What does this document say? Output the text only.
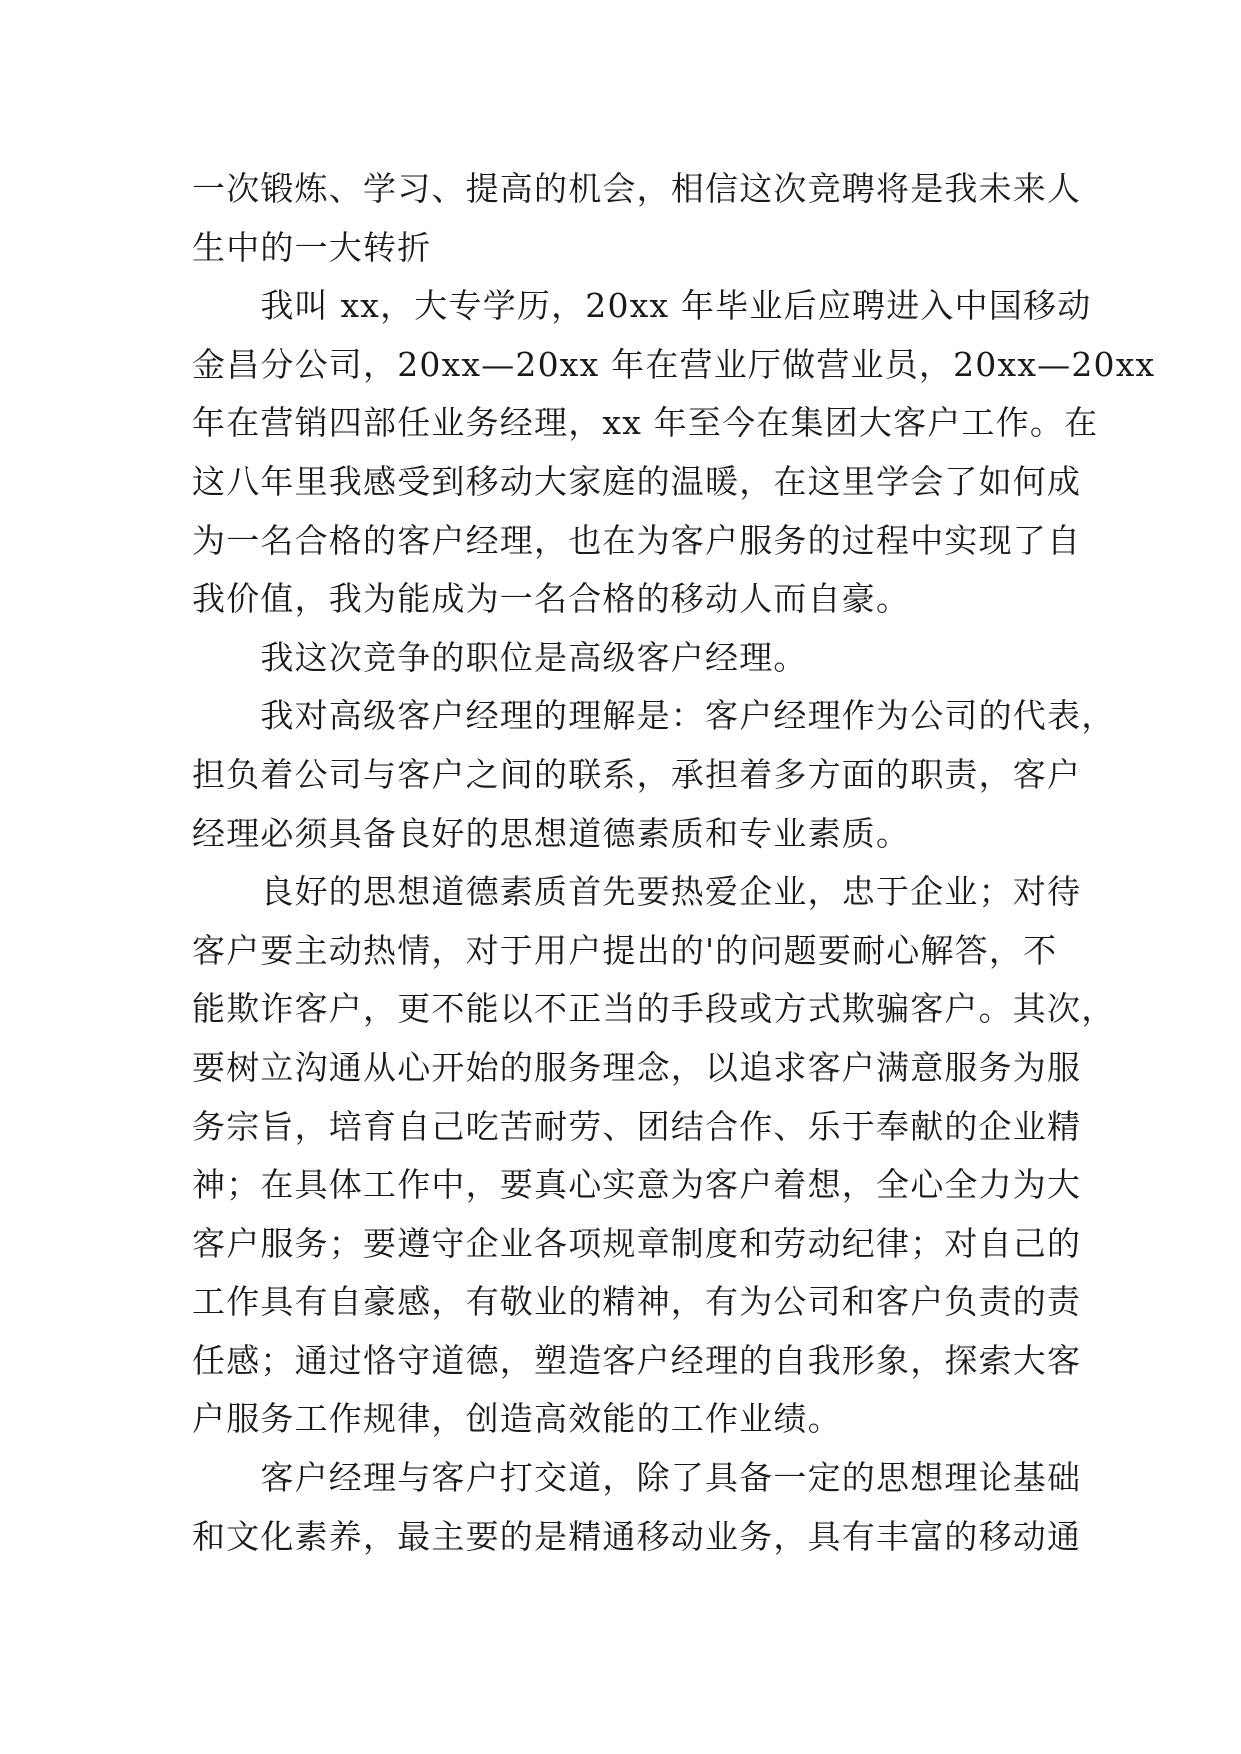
一次锻炼、学习、提高的机会，相信这次竞聘将是我未来人
生中的一大转折
　　我叫 xx，大专学历，20xx 年毕业后应聘进入中国移动
金昌分公司，20xx—20xx 年在营业厅做营业员，20xx—20xx
年在营销四部任业务经理，xx 年至今在集团大客户工作。在
这八年里我感受到移动大家庭的温暖，在这里学会了如何成
为一名合格的客户经理，也在为客户服务的过程中实现了自
我价值，我为能成为一名合格的移动人而自豪。
　　我这次竞争的职位是高级客户经理。
　　我对高级客户经理的理解是：客户经理作为公司的代表，
担负着公司与客户之间的联系，承担着多方面的职责，客户
经理必须具备良好的思想道德素质和专业素质。
　　良好的思想道德素质首先要热爱企业，忠于企业；对待
客户要主动热情，对于用户提出的'的问题要耐心解答，不
能欺诈客户，更不能以不正当的手段或方式欺骗客户。其次，
要树立沟通从心开始的服务理念，以追求客户满意服务为服
务宗旨，培育自己吃苦耐劳、团结合作、乐于奉献的企业精
神；在具体工作中，要真心实意为客户着想，全心全力为大
客户服务；要遵守企业各项规章制度和劳动纪律；对自己的
工作具有自豪感，有敬业的精神，有为公司和客户负责的责
任感；通过恪守道德，塑造客户经理的自我形象，探索大客
户服务工作规律，创造高效能的工作业绩。
　　客户经理与客户打交道，除了具备一定的思想理论基础
和文化素养，最主要的是精通移动业务，具有丰富的移动通
